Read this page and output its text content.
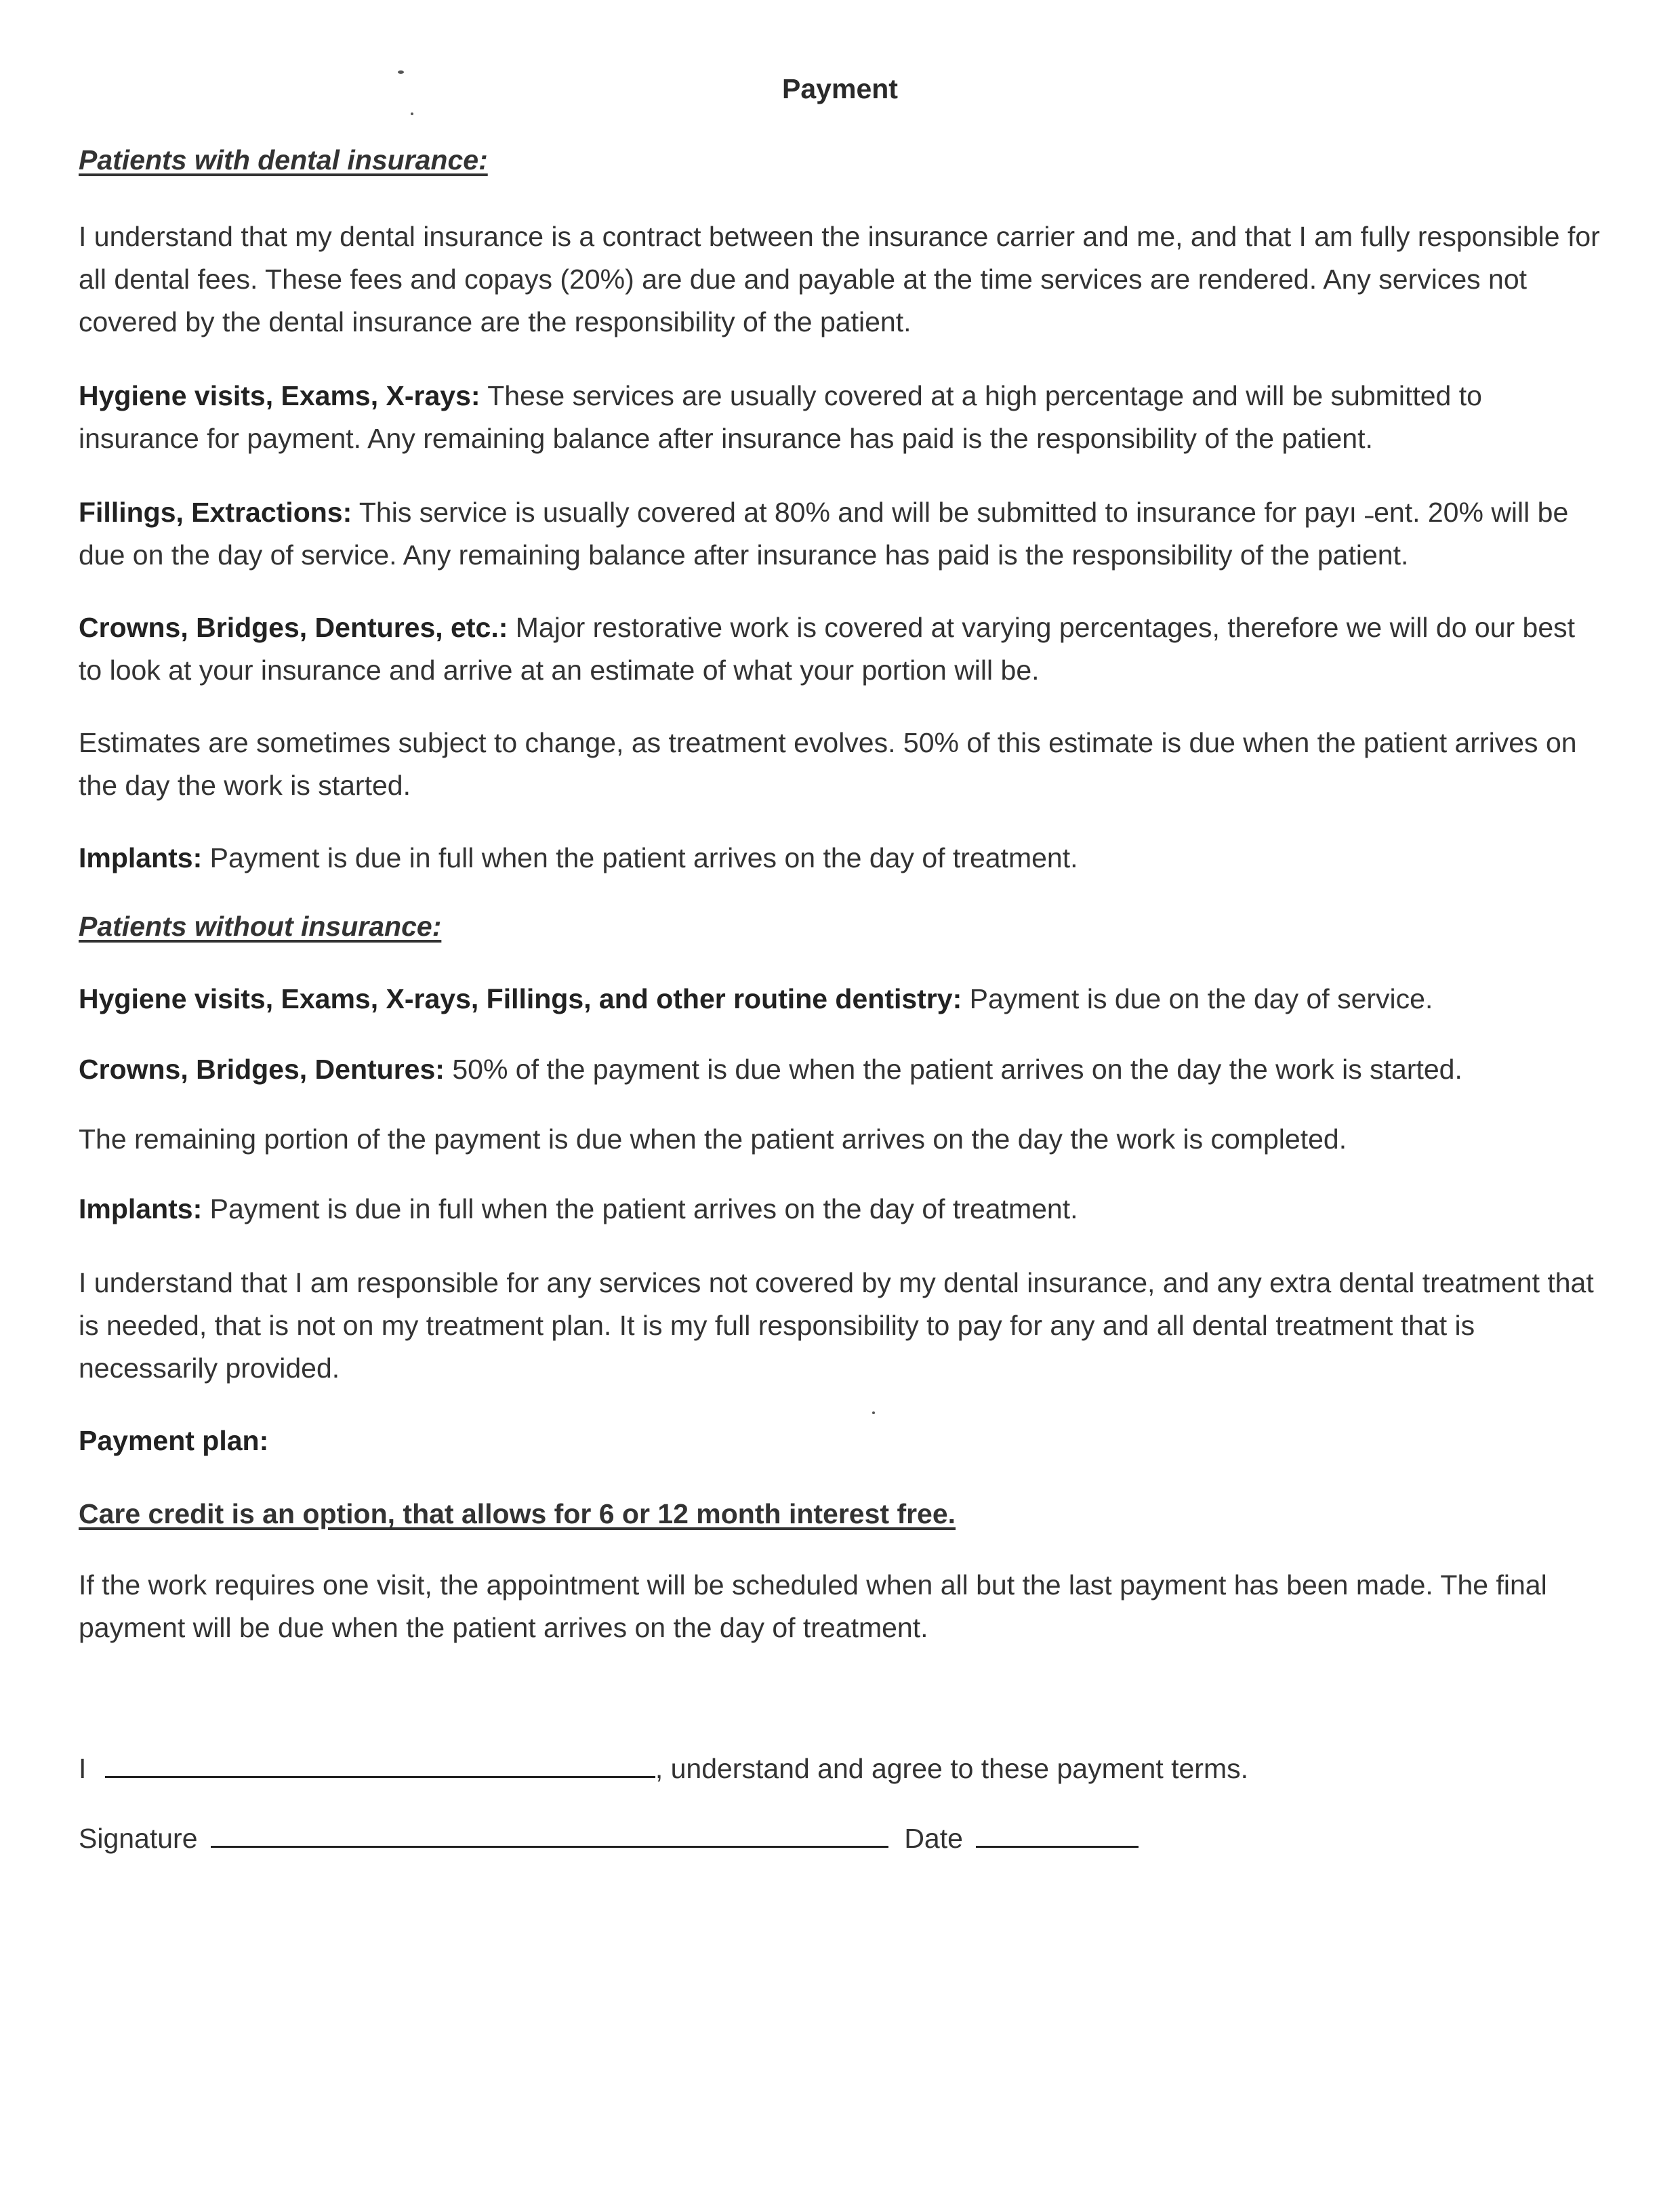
Payment
Patients with dental insurance:
I understand that my dental insurance is a contract between the insurance carrier and me, and that I am fully responsible for all dental fees. These fees and copays (20%) are due and payable at the time services are rendered. Any services not covered by the dental insurance are the responsibility of the patient.
Hygiene visits, Exams, X-rays: These services are usually covered at a high percentage and will be submitted to insurance for payment. Any remaining balance after insurance has paid is the responsibility of the patient.
Fillings, Extractions: This service is usually covered at 80% and will be submitted to insurance for payı ˗ent. 20% will be due on the day of service. Any remaining balance after insurance has paid is the responsibility of the patient.
Crowns, Bridges, Dentures, etc.: Major restorative work is covered at varying percentages, therefore we will do our best to look at your insurance and arrive at an estimate of what your portion will be.
Estimates are sometimes subject to change, as treatment evolves. 50% of this estimate is due when the patient arrives on the day the work is started.
Implants: Payment is due in full when the patient arrives on the day of treatment.
Patients without insurance:
Hygiene visits, Exams, X-rays, Fillings, and other routine dentistry: Payment is due on the day of service.
Crowns, Bridges, Dentures: 50% of the payment is due when the patient arrives on the day the work is started.
The remaining portion of the payment is due when the patient arrives on the day the work is completed.
Implants: Payment is due in full when the patient arrives on the day of treatment.
I understand that I am responsible for any services not covered by my dental insurance, and any extra dental treatment that is needed, that is not on my treatment plan. It is my full responsibility to pay for any and all dental treatment that is necessarily provided.
Payment plan:
Care credit is an option, that allows for 6 or 12 month interest free.
If the work requires one visit, the appointment will be scheduled when all but the last payment has been made. The final payment will be due when the patient arrives on the day of treatment.
I	, understand and agree to these payment terms.
Signature	Date
